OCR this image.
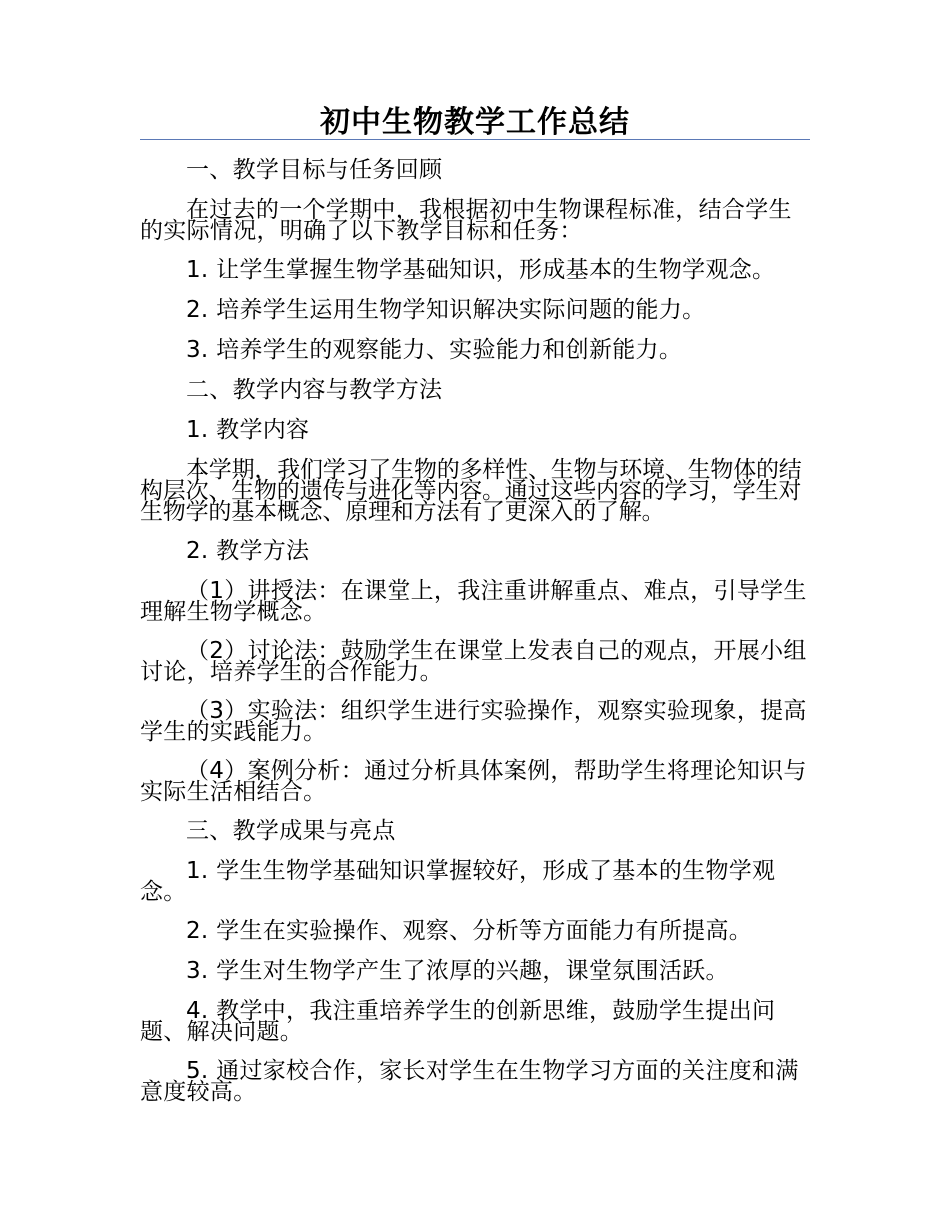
初中生物教学工作总结

一、教学目标与任务回顾

在过去的一个学期中，我根据初中生物课程标准，结合学生的实际情况，明确了以下教学目标和任务：

1. 让学生掌握生物学基础知识，形成基本的生物学观念。

2. 培养学生运用生物学知识解决实际问题的能力。

3. 培养学生的观察能力、实验能力和创新能力。

二、教学内容与教学方法

1. 教学内容

本学期，我们学习了生物的多样性、生物与环境、生物体的结构层次、生物的遗传与进化等内容。通过这些内容的学习，学生对生物学的基本概念、原理和方法有了更深入的了解。

2. 教学方法

（1）讲授法：在课堂上，我注重讲解重点、难点，引导学生理解生物学概念。

（2）讨论法：鼓励学生在课堂上发表自己的观点，开展小组讨论，培养学生的合作能力。

（3）实验法：组织学生进行实验操作，观察实验现象，提高学生的实践能力。

（4）案例分析：通过分析具体案例，帮助学生将理论知识与实际生活相结合。

三、教学成果与亮点

1. 学生生物学基础知识掌握较好，形成了基本的生物学观念。

2. 学生在实验操作、观察、分析等方面能力有所提高。

3. 学生对生物学产生了浓厚的兴趣，课堂氛围活跃。

4. 教学中，我注重培养学生的创新思维，鼓励学生提出问题、解决问题。

5. 通过家校合作，家长对学生在生物学习方面的关注度和满意度较高。
